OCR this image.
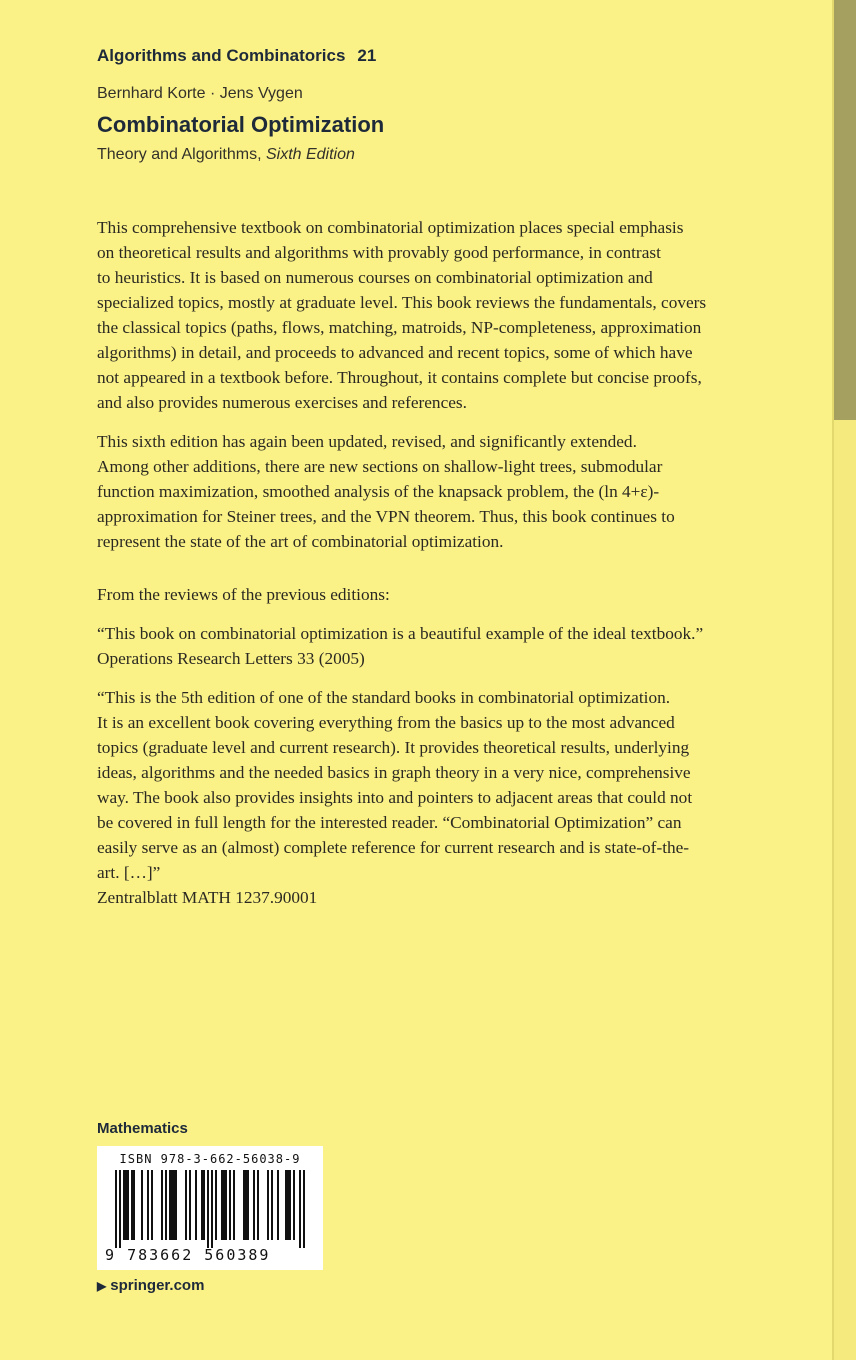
Algorithms and Combinatorics 21
Bernhard Korte · Jens Vygen
Combinatorial Optimization
Theory and Algorithms, Sixth Edition

This comprehensive textbook on combinatorial optimization places special emphasis
on theoretical results and algorithms with provably good performance, in contrast
to heuristics. It is based on numerous courses on combinatorial optimization and
specialized topics, mostly at graduate level. This book reviews the fundamentals, covers
the classical topics (paths, flows, matching, matroids, NP-completeness, approximation
algorithms) in detail, and proceeds to advanced and recent topics, some of which have
not appeared in a textbook before. Throughout, it contains complete but concise proofs,
and also provides numerous exercises and references.

This sixth edition has again been updated, revised, and significantly extended.
Among other additions, there are new sections on shallow-light trees, submodular
function maximization, smoothed analysis of the knapsack problem, the (ln 4+ε)-
approximation for Steiner trees, and the VPN theorem. Thus, this book continues to
represent the state of the art of combinatorial optimization.

From the reviews of the previous editions:

“This book on combinatorial optimization is a beautiful example of the ideal textbook.”
Operations Research Letters 33 (2005)

“This is the 5th edition of one of the standard books in combinatorial optimization.
It is an excellent book covering everything from the basics up to the most advanced
topics (graduate level and current research). It provides theoretical results, underlying
ideas, algorithms and the needed basics in graph theory in a very nice, comprehensive
way. The book also provides insights into and pointers to adjacent areas that could not
be covered in full length for the interested reader. “Combinatorial Optimization” can
easily serve as an (almost) complete reference for current research and is state-of-the-
art. […]”
Zentralblatt MATH 1237.90001

Mathematics
ISBN 978-3-662-56038-9
9 783662 560389
▶ springer.com
